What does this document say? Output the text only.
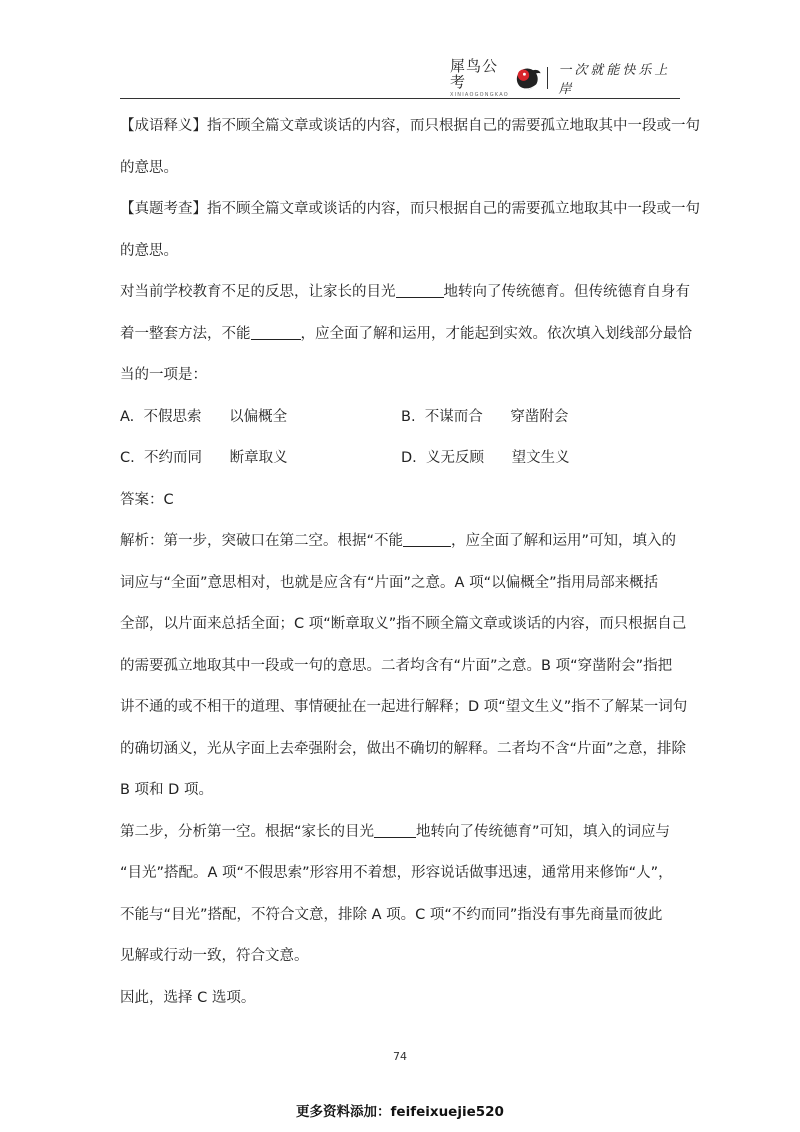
犀鸟公考
XINIAOGONGKAO
一次就能快乐上岸

【成语释义】指不顾全篇文章或谈话的内容，而只根据自己的需要孤立地取其中一段或一句

的意思。

【真题考查】指不顾全篇文章或谈话的内容，而只根据自己的需要孤立地取其中一段或一句

的意思。

对当前学校教育不足的反思，让家长的目光	地转向了传统德育。但传统德育自身有

着一整套方法，不能	，应全面了解和运用，才能起到实效。依次填入划线部分最恰

当的一项是：

A.  不假思索      以偏概全	B.  不谋而合      穿凿附会
C.  不约而同      断章取义	D.  义无反顾      望文生义

答案：C

解析：第一步，突破口在第二空。根据“不能	，应全面了解和运用”可知，填入的

词应与“全面”意思相对，也就是应含有“片面”之意。A 项“以偏概全”指用局部来概括

全部，以片面来总括全面；C 项“断章取义”指不顾全篇文章或谈话的内容，而只根据自己

的需要孤立地取其中一段或一句的意思。二者均含有“片面”之意。B 项“穿凿附会”指把

讲不通的或不相干的道理、事情硬扯在一起进行解释；D 项“望文生义”指不了解某一词句

的确切涵义，光从字面上去牵强附会，做出不确切的解释。二者均不含“片面”之意，排除

B 项和 D 项。

第二步，分析第一空。根据“家长的目光	地转向了传统德育”可知，填入的词应与

“目光”搭配。A 项“不假思索”形容用不着想，形容说话做事迅速，通常用来修饰“人”，

不能与“目光”搭配，不符合文意，排除 A 项。C 项“不约而同”指没有事先商量而彼此

见解或行动一致，符合文意。

因此，选择 C 选项。

74
更多资料添加：feifeixuejie520
